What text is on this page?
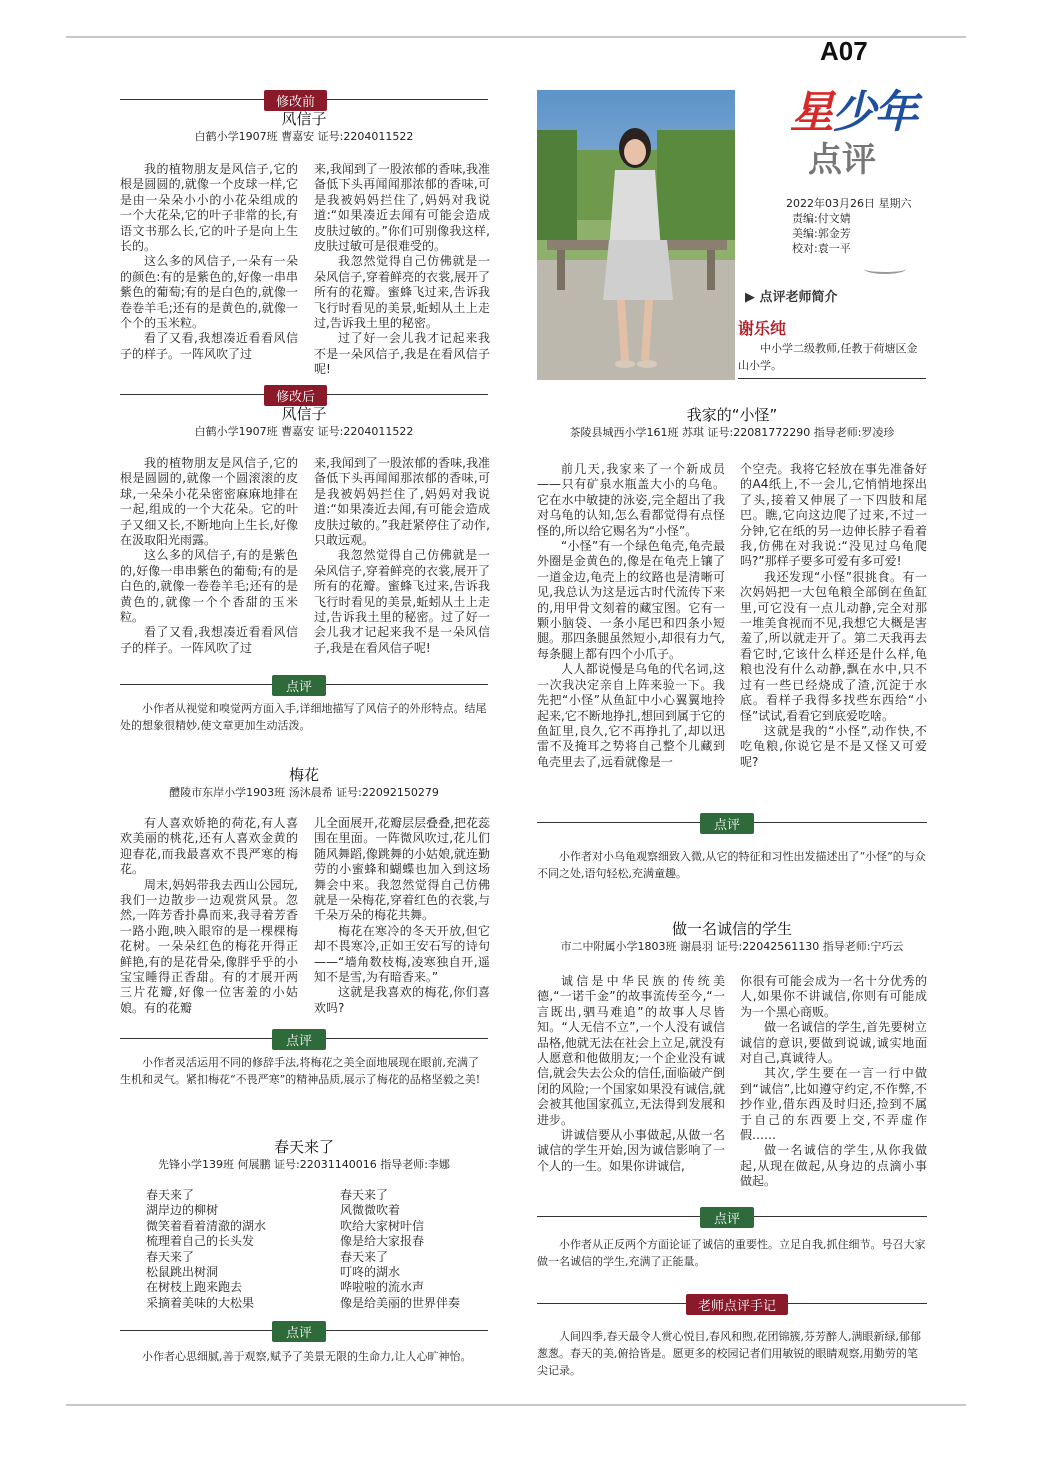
A07
星少年
点评
2022年03月26日 星期六
责编:付文婧
美编:郭金芳
校对:袁一平
▶ 点评老师简介
谢乐纯
中小学二级教师,任教于荷塘区金山小学。
修改前
风信子
白鹤小学1907班 曹嘉安 证号:2204011522

我的植物朋友是风信子,它的根是圆圆的,就像一个皮球一样,它是由一朵朵小小的小花朵组成的一个大花朵,它的叶子非常的长,有语文书那么长,它的叶子是向上生长的。

这么多的风信子,一朵有一朵的颜色:有的是紫色的,好像一串串紫色的葡萄;有的是白色的,就像一卷卷羊毛;还有的是黄色的,就像一个个的玉米粒。

看了又看,我想凑近看看风信子的样子。一阵风吹了过

来,我闻到了一股浓郁的香味,我准备低下头再闻闻那浓郁的香味,可是我被妈妈拦住了,妈妈对我说道:“如果凑近去闻有可能会造成皮肤过敏的。”你们可别像我这样,皮肤过敏可是很难受的。

我忽然觉得自己仿佛就是一朵风信子,穿着鲜亮的衣裳,展开了所有的花瓣。蜜蜂飞过来,告诉我飞行时看见的美景,蚯蚓从土上走过,告诉我土里的秘密。

过了好一会儿我才记起来我不是一朵风信子,我是在看风信子呢!

修改后
风信子
白鹤小学1907班 曹嘉安 证号:2204011522

我的植物朋友是风信子,它的根是圆圆的,就像一个圆滚滚的皮球,一朵朵小花朵密密麻麻地排在一起,组成的一个大花朵。它的叶子又细又长,不断地向上生长,好像在汲取阳光雨露。

这么多的风信子,有的是紫色的,好像一串串紫色的葡萄;有的是白色的,就像一卷卷羊毛;还有的是黄色的,就像一个个香甜的玉米粒。

看了又看,我想凑近看看风信子的样子。一阵风吹了过

来,我闻到了一股浓郁的香味,我准备低下头再闻闻那浓郁的香味,可是我被妈妈拦住了,妈妈对我说道:“如果凑近去闻,有可能会造成皮肤过敏的。”我赶紧停住了动作,只敢远观。

我忽然觉得自己仿佛就是一朵风信子,穿着鲜亮的衣裳,展开了所有的花瓣。蜜蜂飞过来,告诉我飞行时看见的美景,蚯蚓从土上走过,告诉我土里的秘密。过了好一会儿我才记起来我不是一朵风信子,我是在看风信子呢!

点评
小作者从视觉和嗅觉两方面入手,详细地描写了风信子的外形特点。结尾处的想象很精妙,使文章更加生动活泼。
梅花
醴陵市东岸小学1903班 汤沐晨希 证号:22092150279

有人喜欢娇艳的荷花,有人喜欢美丽的桃花,还有人喜欢金黄的迎春花,而我最喜欢不畏严寒的梅花。

周末,妈妈带我去西山公园玩,我们一边散步一边观赏风景。忽然,一阵芳香扑鼻而来,我寻着芳香一路小跑,映入眼帘的是一棵棵梅花树。一朵朵红色的梅花开得正鲜艳,有的是花骨朵,像胖乎乎的小宝宝睡得正香甜。有的才展开两三片花瓣,好像一位害羞的小姑娘。有的花瓣

儿全面展开,花瓣层层叠叠,把花蕊围在里面。一阵微风吹过,花儿们随风舞蹈,像跳舞的小姑娘,就连勤劳的小蜜蜂和蝴蝶也加入到这场舞会中来。我忽然觉得自己仿佛就是一朵梅花,穿着红色的衣裳,与千朵万朵的梅花共舞。

梅花在寒冷的冬天开放,但它却不畏寒冷,正如王安石写的诗句——“墙角数枝梅,凌寒独自开,遥知不是雪,为有暗香来。”

这就是我喜欢的梅花,你们喜欢吗?

点评
小作者灵活运用不同的修辞手法,将梅花之美全面地展现在眼前,充满了生机和灵气。紧扣梅花“不畏严寒”的精神品质,展示了梅花的品格坚毅之美!
春天来了
先锋小学139班 何展鹏 证号:22031140016 指导老师:李娜
春天来了
湖岸边的柳树
微笑着看着清澈的湖水
梳理着自己的长头发
春天来了
松鼠跳出树洞
在树枝上跑来跑去
采摘着美味的大松果
春天来了
风微微吹着
吹给大家树叶信
像是给大家报春
春天来了
叮咚的湖水
哗啦啦的流水声
像是给美丽的世界伴奏
点评
小作者心思细腻,善于观察,赋予了美景无限的生命力,让人心旷神怡。
我家的“小怪”
茶陵县城西小学161班 苏琪 证号:22081772290 指导老师:罗凌珍

前几天,我家来了一个新成员——只有矿泉水瓶盖大小的乌龟。它在水中敏捷的泳姿,完全超出了我对乌龟的认知,怎么看都觉得有点怪怪的,所以给它赐名为“小怪”。

“小怪”有一个绿色龟壳,龟壳最外圈是金黄色的,像是在龟壳上镶了一道金边,龟壳上的纹路也是清晰可见,我总认为这是远古时代流传下来的,用甲骨文刻着的藏宝图。它有一颗小脑袋、一条小尾巴和四条小短腿。那四条腿虽然短小,却很有力气,每条腿上都有四个小爪子。

人人都说慢是乌龟的代名词,这一次我决定亲自上阵来验一下。我先把“小怪”从鱼缸中小心翼翼地拎起来,它不断地挣扎,想回到属于它的鱼缸里,良久,它不再挣扎了,却以迅雷不及掩耳之势将自己整个儿藏到龟壳里去了,远看就像是一

个空壳。我将它轻放在事先准备好的A4纸上,不一会儿,它悄悄地探出了头,接着又伸展了一下四肢和尾巴。瞧,它向这边爬了过来,不过一分钟,它在纸的另一边伸长脖子看着我,仿佛在对我说:“没见过乌龟爬吗?”那样子要多可爱有多可爱!

我还发现“小怪”很挑食。有一次妈妈把一大包龟粮全部倒在鱼缸里,可它没有一点儿动静,完全对那一堆美食视而不见,我想它大概是害羞了,所以就走开了。第二天我再去看它时,它该什么样还是什么样,龟粮也没有什么动静,飘在水中,只不过有一些已经烧成了渣,沉淀于水底。看样子我得多找些东西给“小怪”试试,看看它到底爱吃啥。

这就是我的“小怪”,动作快,不吃龟粮,你说它是不是又怪又可爱呢?

点评
小作者对小乌龟观察细致入微,从它的特征和习性出发描述出了“小怪”的与众不同之处,语句轻松,充满童趣。
做一名诚信的学生
市二中附属小学1803班 谢晨羽 证号:22042561130 指导老师:宁巧云

诚信是中华民族的传统美德,“一诺千金”的故事流传至今,“一言既出,驷马难追”的故事人尽皆知。“人无信不立”,一个人没有诚信品格,他就无法在社会上立足,就没有人愿意和他做朋友;一个企业没有诚信,就会失去公众的信任,面临破产倒闭的风险;一个国家如果没有诚信,就会被其他国家孤立,无法得到发展和进步。

讲诚信要从小事做起,从做一名诚信的学生开始,因为诚信影响了一个人的一生。如果你讲诚信,

你很有可能会成为一名十分优秀的人,如果你不讲诚信,你则有可能成为一个黑心商贩。

做一名诚信的学生,首先要树立诚信的意识,要做到说诚,诚实地面对自己,真诚待人。

其次,学生要在一言一行中做到“诚信”,比如遵守约定,不作弊,不抄作业,借东西及时归还,捡到不属于自己的东西要上交,不弄虚作假……

做一名诚信的学生,从你我做起,从现在做起,从身边的点滴小事做起。

点评
小作者从正反两个方面论证了诚信的重要性。立足自我,抓住细节。号召大家做一名诚信的学生,充满了正能量。
老师点评手记
人间四季,春天最令人赏心悦目,春风和煦,花团锦簇,芬芳醉人,满眼新绿,郁郁葱葱。春天的美,俯拾皆是。愿更多的校园记者们用敏锐的眼睛观察,用勤劳的笔尖记录。
